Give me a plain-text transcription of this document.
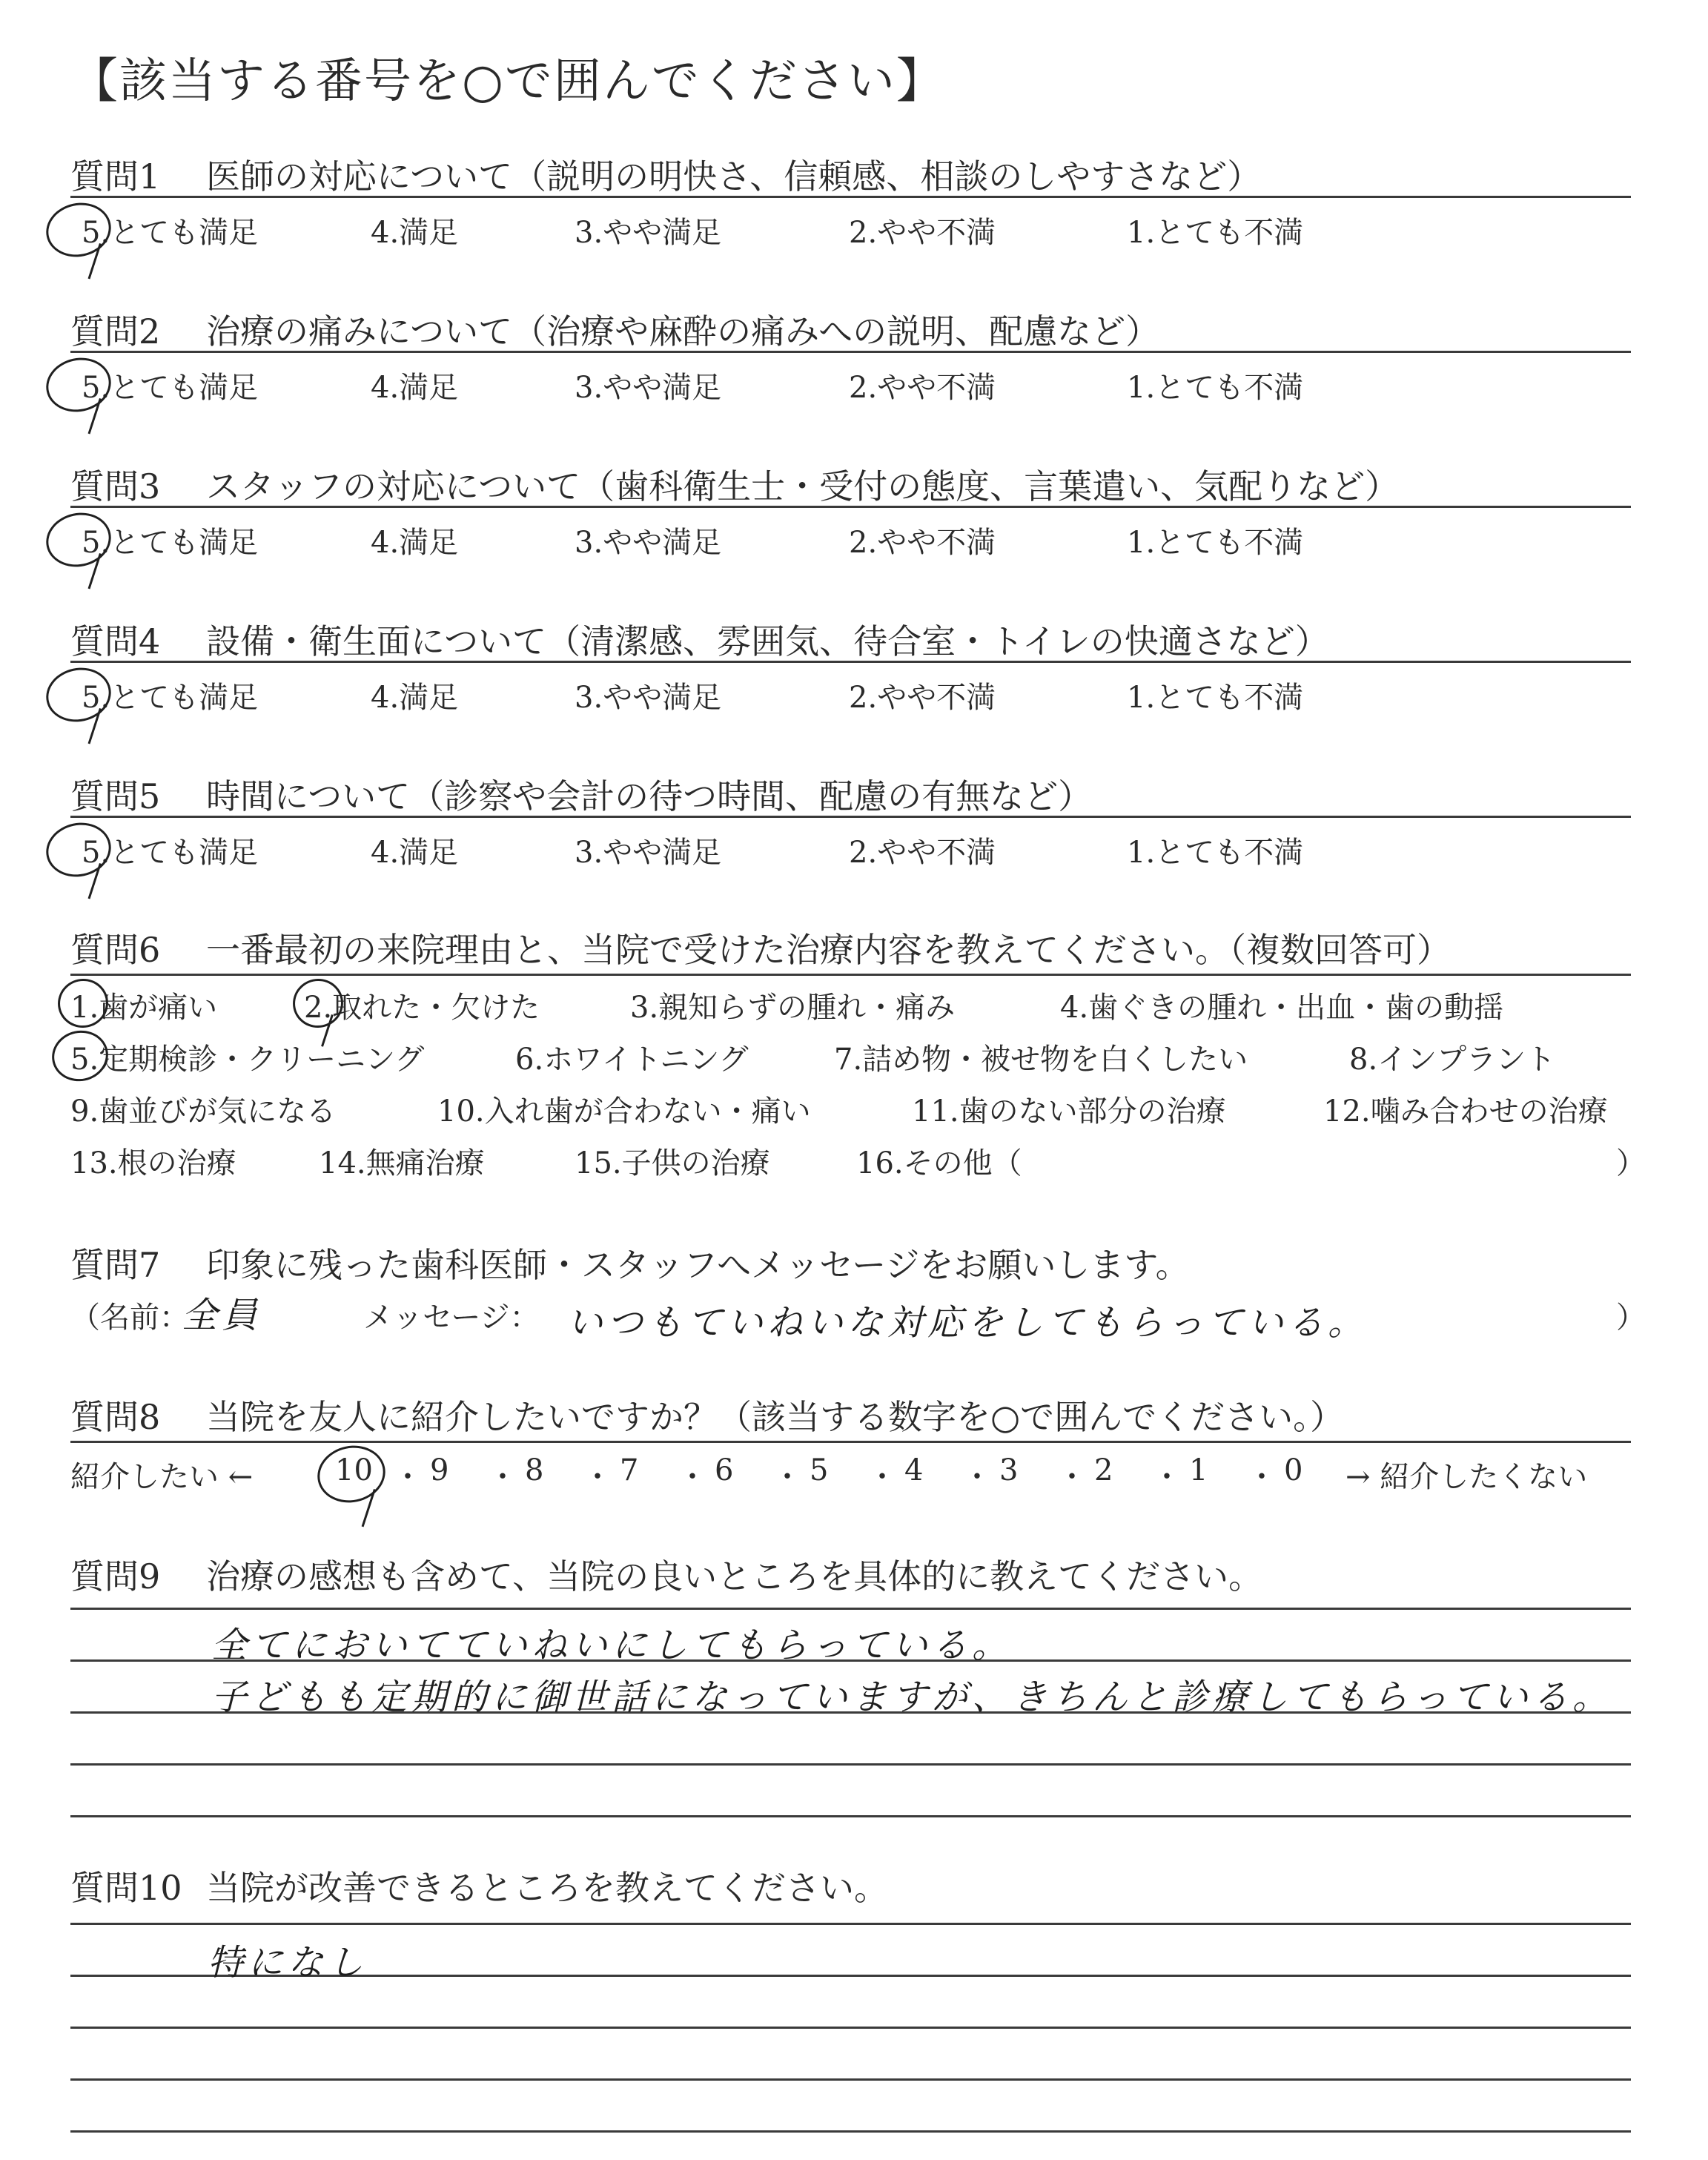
【該当する番号を○で囲んでください】
質問1 医師の対応について（説明の明快さ、信頼感、相談のしやすさなど）
5.とても満足	4.満足	3.やや満足	2.やや不満	1.とても不満
質問2 治療の痛みについて（治療や麻酔の痛みへの説明、配慮など）
5.とても満足	4.満足	3.やや満足	2.やや不満	1.とても不満
質問3 スタッフの対応について（歯科衛生士・受付の態度、言葉遣い、気配りなど）
5.とても満足	4.満足	3.やや満足	2.やや不満	1.とても不満
質問4 設備・衛生面について（清潔感、雰囲気、待合室・トイレの快適さなど）
5.とても満足	4.満足	3.やや満足	2.やや不満	1.とても不満
質問5 時間について（診察や会計の待つ時間、配慮の有無など）
5.とても満足	4.満足	3.やや満足	2.やや不満	1.とても不満
質問6 一番最初の来院理由と、当院で受けた治療内容を教えてください。（複数回答可）
1.歯が痛い	2.取れた・欠けた	3.親知らずの腫れ・痛み	4.歯ぐきの腫れ・出血・歯の動揺
5.定期検診・クリーニング	6.ホワイトニング	7.詰め物・被せ物を白くしたい	8.インプラント
9.歯並びが気になる	10.入れ歯が合わない・痛い	11.歯のない部分の治療	12.噛み合わせの治療
13.根の治療	14.無痛治療	15.子供の治療	16.その他（	）
質問7 印象に残った歯科医師・スタッフへメッセージをお願いします。
（名前：
全員	メッセージ： いつもていねいな対応をしてもらっている。	）
質問8 当院を友人に紹介したいですか？（該当する数字を○で囲んでください。）
紹介したい ←	10 ・ 9 ・ 8 ・ 7 ・ 6 ・ 5 ・ 4 ・ 3 ・ 2 ・ 1 ・ 0 → 紹介したくない
質問9 治療の感想も含めて、当院の良いところを具体的に教えてください。
全てにおいてていねいにしてもらっている。
子どもも定期的に御世話になっていますが、きちんと診療してもらっている。
質問10 当院が改善できるところを教えてください。
特になし
